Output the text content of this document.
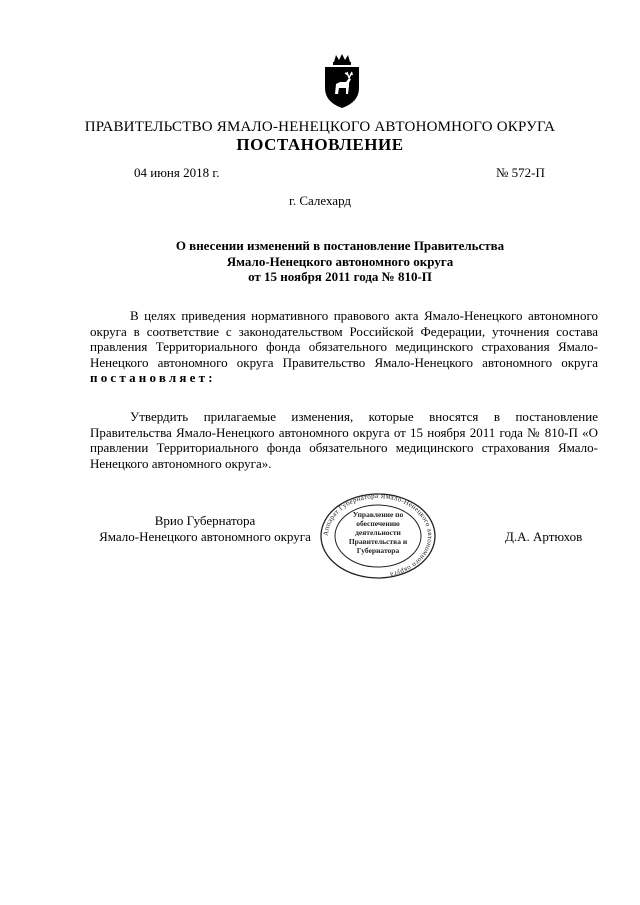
ПРАВИТЕЛЬСТВО ЯМАЛО-НЕНЕЦКОГО АВТОНОМНОГО ОКРУГА
ПОСТАНОВЛЕНИЕ
04 июня 2018 г.	№ 572-П
г. Салехард
О внесении изменений в постановление Правительства
Ямало-Ненецкого автономного округа
от 15 ноября 2011 года № 810-П
В целях приведения нормативного правового акта Ямало-Ненецкого автономного округа в соответствие с законодательством Российской Федерации, уточнения состава правления Территориального фонда обязательного медицинского страхования Ямало-Ненецкого автономного округа Правительство Ямало-Ненецкого автономного округа постановляет:
Утвердить прилагаемые изменения, которые вносятся в постановление Правительства Ямало-Ненецкого автономного округа от 15 ноября 2011 года № 810-П «О правлении Территориального фонда обязательного медицинского страхования Ямало-Ненецкого автономного округа».
Врио Губернатора
Ямало-Ненецкого автономного округа	Аппарат Губернатора Ямало-Ненецкого автономного округа
Управление по обеспечению деятельности Правительства и Губернатора
Д.А. Артюхов
